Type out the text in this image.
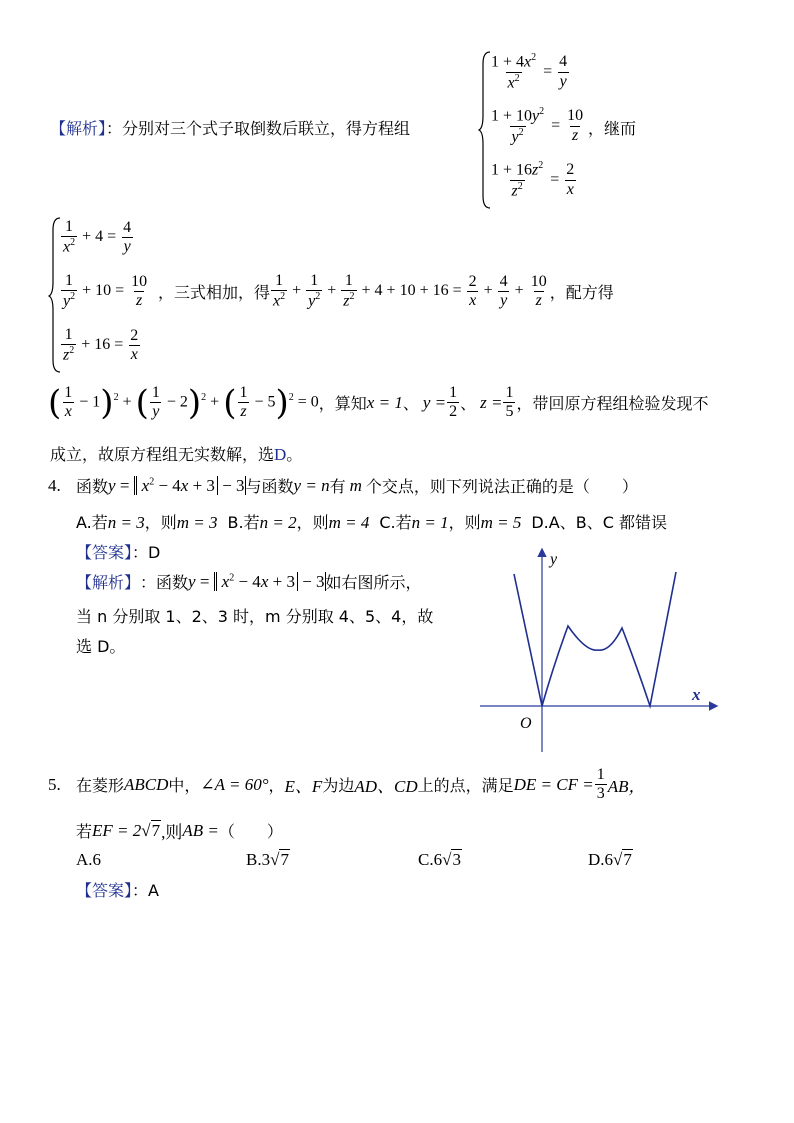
【解析】：分别对三个式子取倒数后联立，得方程组
$\frac{1 + 4x^2}{x^2} = \frac{4}{y}$
$\frac{1 + 10y^2}{y^2} = \frac{10}{z}$
$\frac{1 + 16z^2}{z^2} = \frac{2}{x}$
，继而
$\frac{1}{x^2} + 4 = \frac{4}{y}$
$\frac{1}{y^2} + 10 = \frac{10}{z}$
$\frac{1}{z^2} + 16 = \frac{2}{x}$
，三式相加，得 $\frac{1}{x^2} + \frac{1}{y^2} + \frac{1}{z^2} + 4 + 10 + 16 = \frac{2}{x} + \frac{4}{y} + \frac{10}{z}$ ，配方得
( $\frac{1}{x} - 1)^2$ + ( $\frac{1}{y} - 2)^2$ + ( $\frac{1}{z} - 5)^2 = 0$ ，算知 x = 1 、 $y = \frac{1}{2}$ 、 $z = \frac{1}{5}$ ，带回原方程组检验发现不
成立，故原方程组无实数解，选D。
4. 函数 $y = x^2 - 4x + 3 - 3$ 与函数 y = n 有 m 个交点，则下列说法正确的是（　　）
A.若n = 3，则m = 3 B.若n = 2，则m = 4 C.若n = 1，则m = 5 D.A、B、C 都错误
【答案】：D
【解析】 ：函数 $y = x^2 - 4x + 3 - 3$ 如右图所示，
当 n 分别取 1、2、3 时，m 分别取 4、5、4，故
选 D。
y
x
O
5. 在菱形 ABCD 中， ∠A = 60° ， E、F 为边 AD、CD 上的点，满足 DE = CF = $\frac{1}{3}$ AB，
若 EF = 2 √7 ,则 AB = （　　）
A.6	B.3√7	C.6√3	D.6√7
【答案】：A
